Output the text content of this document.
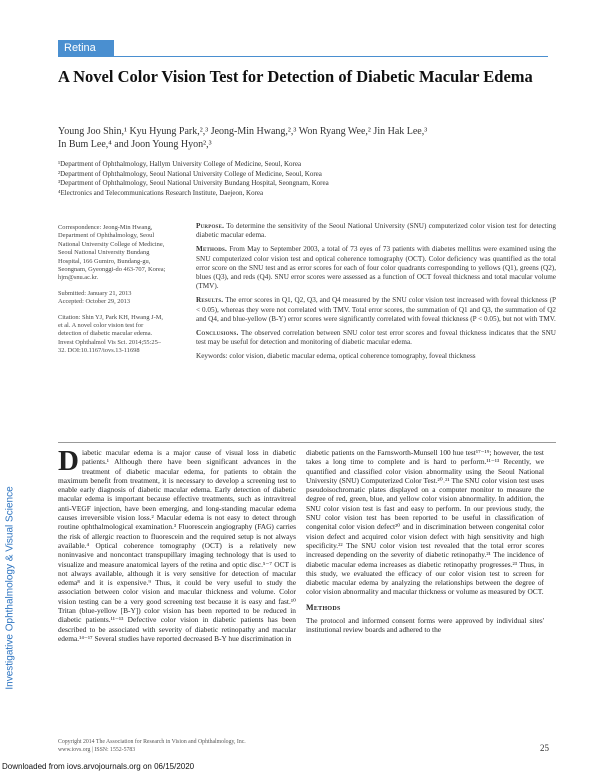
Retina
A Novel Color Vision Test for Detection of Diabetic Macular Edema
Young Joo Shin,¹ Kyu Hyung Park,²,³ Jeong-Min Hwang,²,³ Won Ryang Wee,² Jin Hak Lee,³
In Bum Lee,⁴ and Joon Young Hyon²,³
¹Department of Ophthalmology, Hallym University College of Medicine, Seoul, Korea
²Department of Ophthalmology, Seoul National University College of Medicine, Seoul, Korea
³Department of Ophthalmology, Seoul National University Bundang Hospital, Seongnam, Korea
⁴Electronics and Telecommunications Research Institute, Daejeon, Korea
Correspondence: Jeong-Min Hwang, Department of Ophthalmology, Seoul National University College of Medicine, Seoul National University Bundang Hospital, 166 Gumiro, Bundang-gu, Seongnam, Gyeonggi-do 463-707, Korea; hjm@snu.ac.kr.
Submitted: January 21, 2013
Accepted: October 29, 2013
Citation: Shin YJ, Park KH, Hwang J-M, et al. A novel color vision test for detection of diabetic macular edema. Invest Ophthalmol Vis Sci. 2014;55:25–32. DOI:10.1167/iovs.13-11698
Purpose. To determine the sensitivity of the Seoul National University (SNU) computerized color vision test for detecting diabetic macular edema.
Methods. From May to September 2003, a total of 73 eyes of 73 patients with diabetes mellitus were examined using the SNU computerized color vision test and optical coherence tomography (OCT). Color deficiency was quantified as the total error score on the SNU test and as error scores for each of four color quadrants corresponding to yellows (Q1), greens (Q2), blues (Q3), and reds (Q4). SNU error scores were assessed as a function of OCT foveal thickness and total macular volume (TMV).
Results. The error scores in Q1, Q2, Q3, and Q4 measured by the SNU color vision test increased with foveal thickness (P < 0.05), whereas they were not correlated with TMV. Total error scores, the summation of Q1 and Q3, the summation of Q2 and Q4, and blue-yellow (B-Y) error scores were significantly correlated with foveal thickness (P < 0.05), but not with TMV.
Conclusions. The observed correlation between SNU color test error scores and foveal thickness indicates that the SNU test may be useful for detection and monitoring of diabetic macular edema.
Keywords: color vision, diabetic macular edema, optical coherence tomography, foveal thickness
Investigative Ophthalmology & Visual Science
Diabetic macular edema is a major cause of visual loss in diabetic patients.¹ Although there have been significant advances in the treatment of diabetic macular edema, for patients to obtain the maximum benefit from treatment, it is necessary to develop a screening test to enable early diagnosis of diabetic macular edema. Early detection of diabetic macular edema is important because effective treatments, such as intravitreal anti-VEGF injection, have been emerging, and long-standing macular edema causes irreversible vision loss.² Macular edema is not easy to detect through routine ophthalmological examination.³ Fluorescein angiography (FAG) carries the risk of allergic reaction to fluorescein and the required setup is not always available.⁴ Optical coherence tomography (OCT) is a relatively new noninvasive and noncontact transpupillary imaging technology that is used to visualize and measure anatomical layers of the retina and optic disc.⁵⁻⁷ OCT is not always available, although it is very sensitive for detection of macular edema⁸ and it is expensive.⁹ Thus, it could be very useful to study the association between color vision and macular thickness and volume. Color vision testing can be a very good screening test because it is easy and fast.¹⁰ Tritan (blue-yellow [B-Y]) color vision has been reported to be reduced in diabetic patients.¹¹⁻¹³ Defective color vision in diabetic patients has been described to be associated with severity of diabetic retinopathy and macular edema.¹⁴⁻¹⁷ Several studies have reported decreased B-Y hue discrimination in
diabetic patients on the Farnsworth-Munsell 100 hue test¹⁷⁻¹⁹; however, the test takes a long time to complete and is hard to perform.¹¹⁻¹³ Recently, we quantified and classified color vision abnormality using the Seoul National University (SNU) Computerized Color Test.²⁰˒²¹ The SNU color vision test uses pseudoisochromatic plates displayed on a computer monitor to measure the degree of red, green, blue, and yellow color vision abnormality. In addition, the SNU color vision test is fast and easy to perform. In our previous study, the SNU color vision test has been reported to be useful in classification of congenital color vision defect²⁰ and in discrimination between congenital color vision defect and acquired color vision defect with high sensitivity and high specificity.²² The SNU color vision test revealed that the total error scores increased depending on the severity of diabetic retinopathy.²¹ The incidence of diabetic macular edema increases as diabetic retinopathy progresses.²³ Thus, in this study, we evaluated the efficacy of our color vision test to screen for diabetic macular edema by analyzing the relationships between the degree of color vision abnormality and macular thickness or volume as measured by OCT.
Methods
The protocol and informed consent forms were approved by individual sites' institutional review boards and adhered to the
Copyright 2014 The Association for Research in Vision and Ophthalmology, Inc.
www.iovs.org | ISSN: 1552-5783	25
Downloaded from iovs.arvojournals.org on 06/15/2020
